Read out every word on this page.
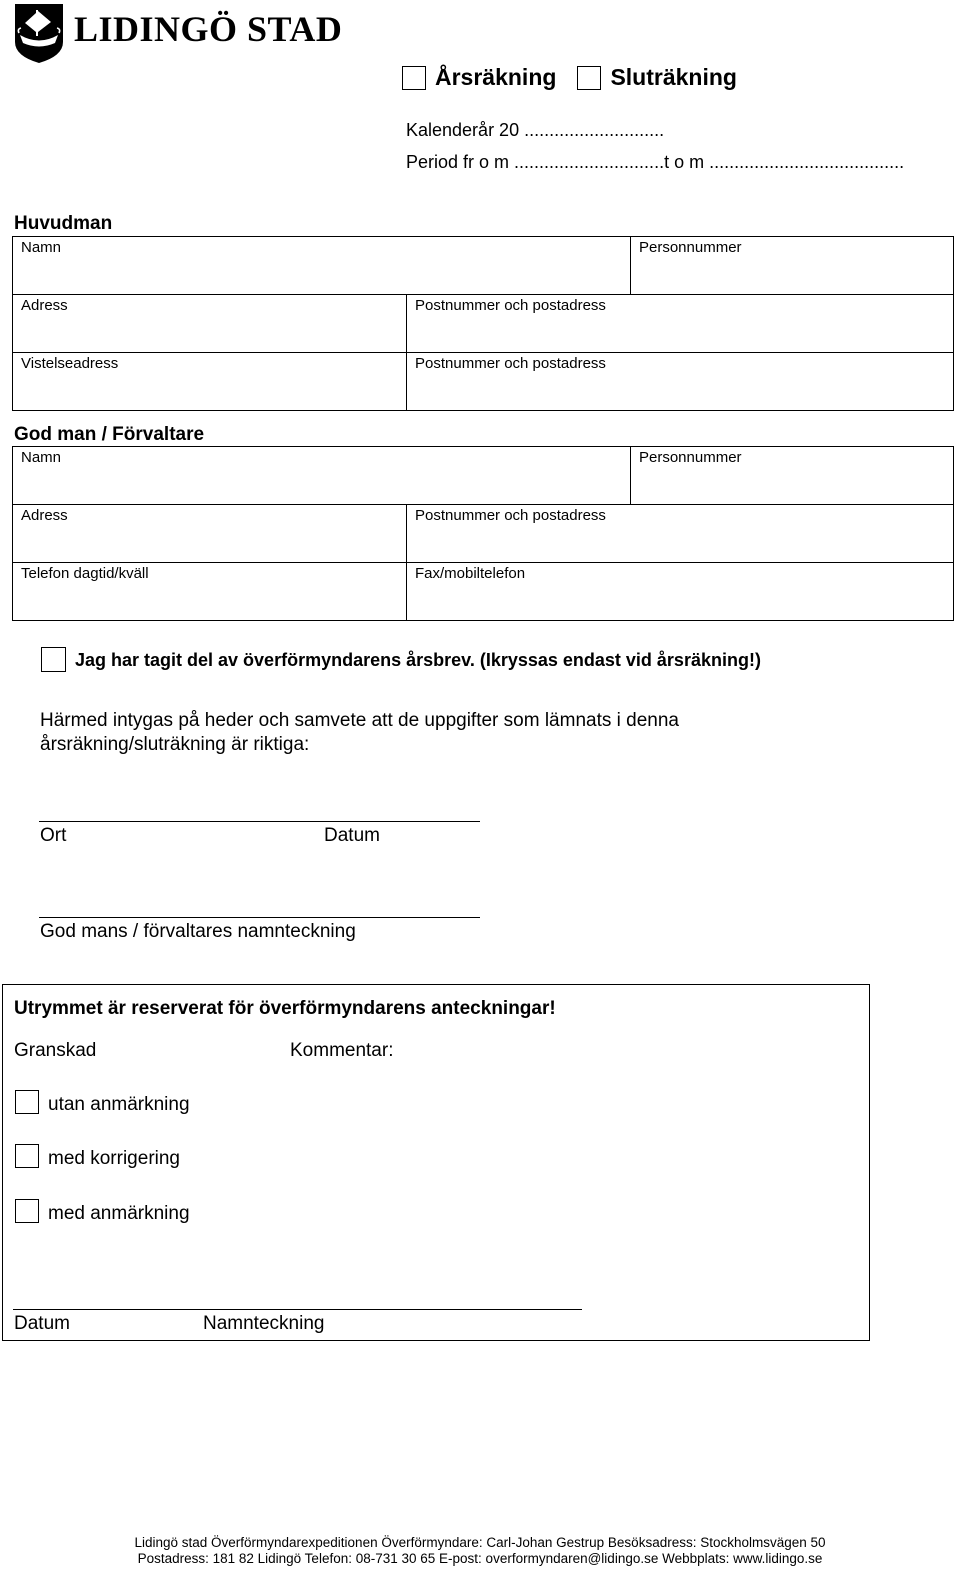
LIDINGÖ STAD
Årsräkning Sluträkning
Kalenderår 20 ............................
Period fr o m ..............................t o m .......................................
Huvudman
Namn	Personnummer
Adress	Postnummer och postadress
Vistelseadress	Postnummer och postadress
God man / Förvaltare
Namn	Personnummer
Adress	Postnummer och postadress
Telefon dagtid/kväll	Fax/mobiltelefon
Jag har tagit del av överförmyndarens årsbrev. (Ikryssas endast vid årsräkning!)
Härmed intygas på heder och samvete att de uppgifter som lämnats i denna
årsräkning/sluträkning är riktiga:
Ort	Datum
God mans / förvaltares namnteckning
Utrymmet är reserverat för överförmyndarens anteckningar!
Granskad	Kommentar:
utan anmärkning
med korrigering
med anmärkning
Datum	Namnteckning
Lidingö stad Överförmyndarexpeditionen Överförmyndare: Carl-Johan Gestrup Besöksadress: Stockholmsvägen 50
Postadress: 181 82 Lidingö Telefon: 08-731 30 65 E-post: overformyndaren@lidingo.se Webbplats: www.lidingo.se
